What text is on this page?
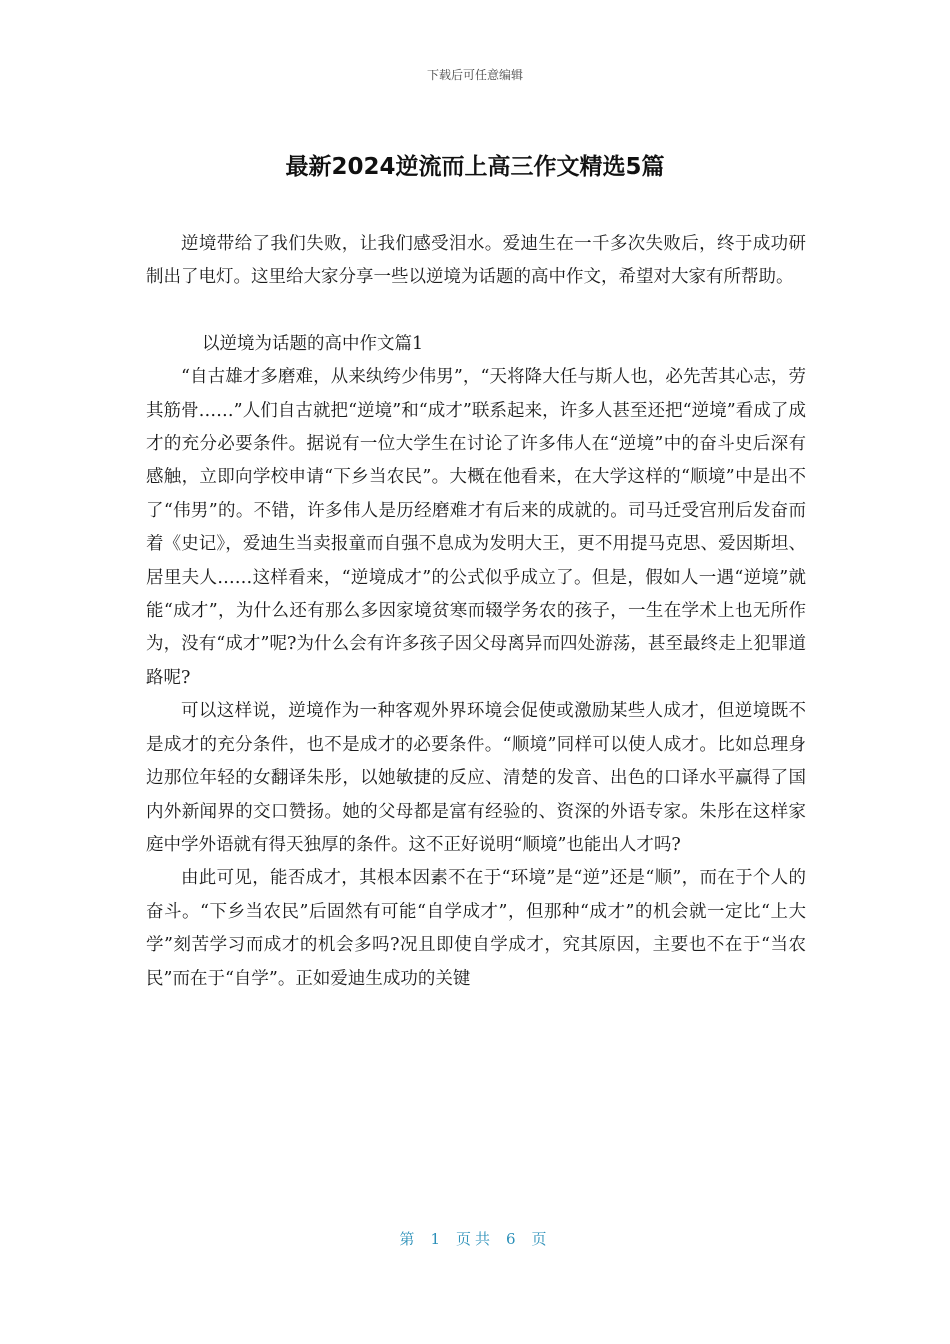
下载后可任意编辑
最新2024逆流而上高三作文精选5篇

逆境带给了我们失败，让我们感受泪水。爱迪生在一千多次失败后，终于成功研制出了电灯。这里给大家分享一些以逆境为话题的高中作文，希望对大家有所帮助。

以逆境为话题的高中作文篇1

“自古雄才多磨难，从来纨绔少伟男”，“天将降大任与斯人也，必先苦其心志，劳其筋骨……”人们自古就把“逆境”和“成才”联系起来，许多人甚至还把“逆境”看成了成才的充分必要条件。据说有一位大学生在讨论了许多伟人在“逆境”中的奋斗史后深有感触，立即向学校申请“下乡当农民”。大概在他看来，在大学这样的“顺境”中是出不了“伟男”的。不错，许多伟人是历经磨难才有后来的成就的。司马迁受宫刑后发奋而着《史记》，爱迪生当卖报童而自强不息成为发明大王，更不用提马克思、爱因斯坦、居里夫人……这样看来，“逆境成才”的公式似乎成立了。但是，假如人一遇“逆境”就能“成才”，为什么还有那么多因家境贫寒而辍学务农的孩子，一生在学术上也无所作为，没有“成才”呢?为什么会有许多孩子因父母离异而四处游荡，甚至最终走上犯罪道路呢?

可以这样说，逆境作为一种客观外界环境会促使或激励某些人成才，但逆境既不是成才的充分条件，也不是成才的必要条件。“顺境”同样可以使人成才。比如总理身边那位年轻的女翻译朱彤，以她敏捷的反应、清楚的发音、出色的口译水平赢得了国内外新闻界的交口赞扬。她的父母都是富有经验的、资深的外语专家。朱彤在这样家庭中学外语就有得天独厚的条件。这不正好说明“顺境”也能出人才吗?

由此可见，能否成才，其根本因素不在于“环境”是“逆”还是“顺”，而在于个人的奋斗。“下乡当农民”后固然有可能“自学成才”，但那种“成才”的机会就一定比“上大学”刻苦学习而成才的机会多吗?况且即使自学成才，究其原因，主要也不在于“当农民”而在于“自学”。正如爱迪生成功的关键

第 1 页共 6 页
